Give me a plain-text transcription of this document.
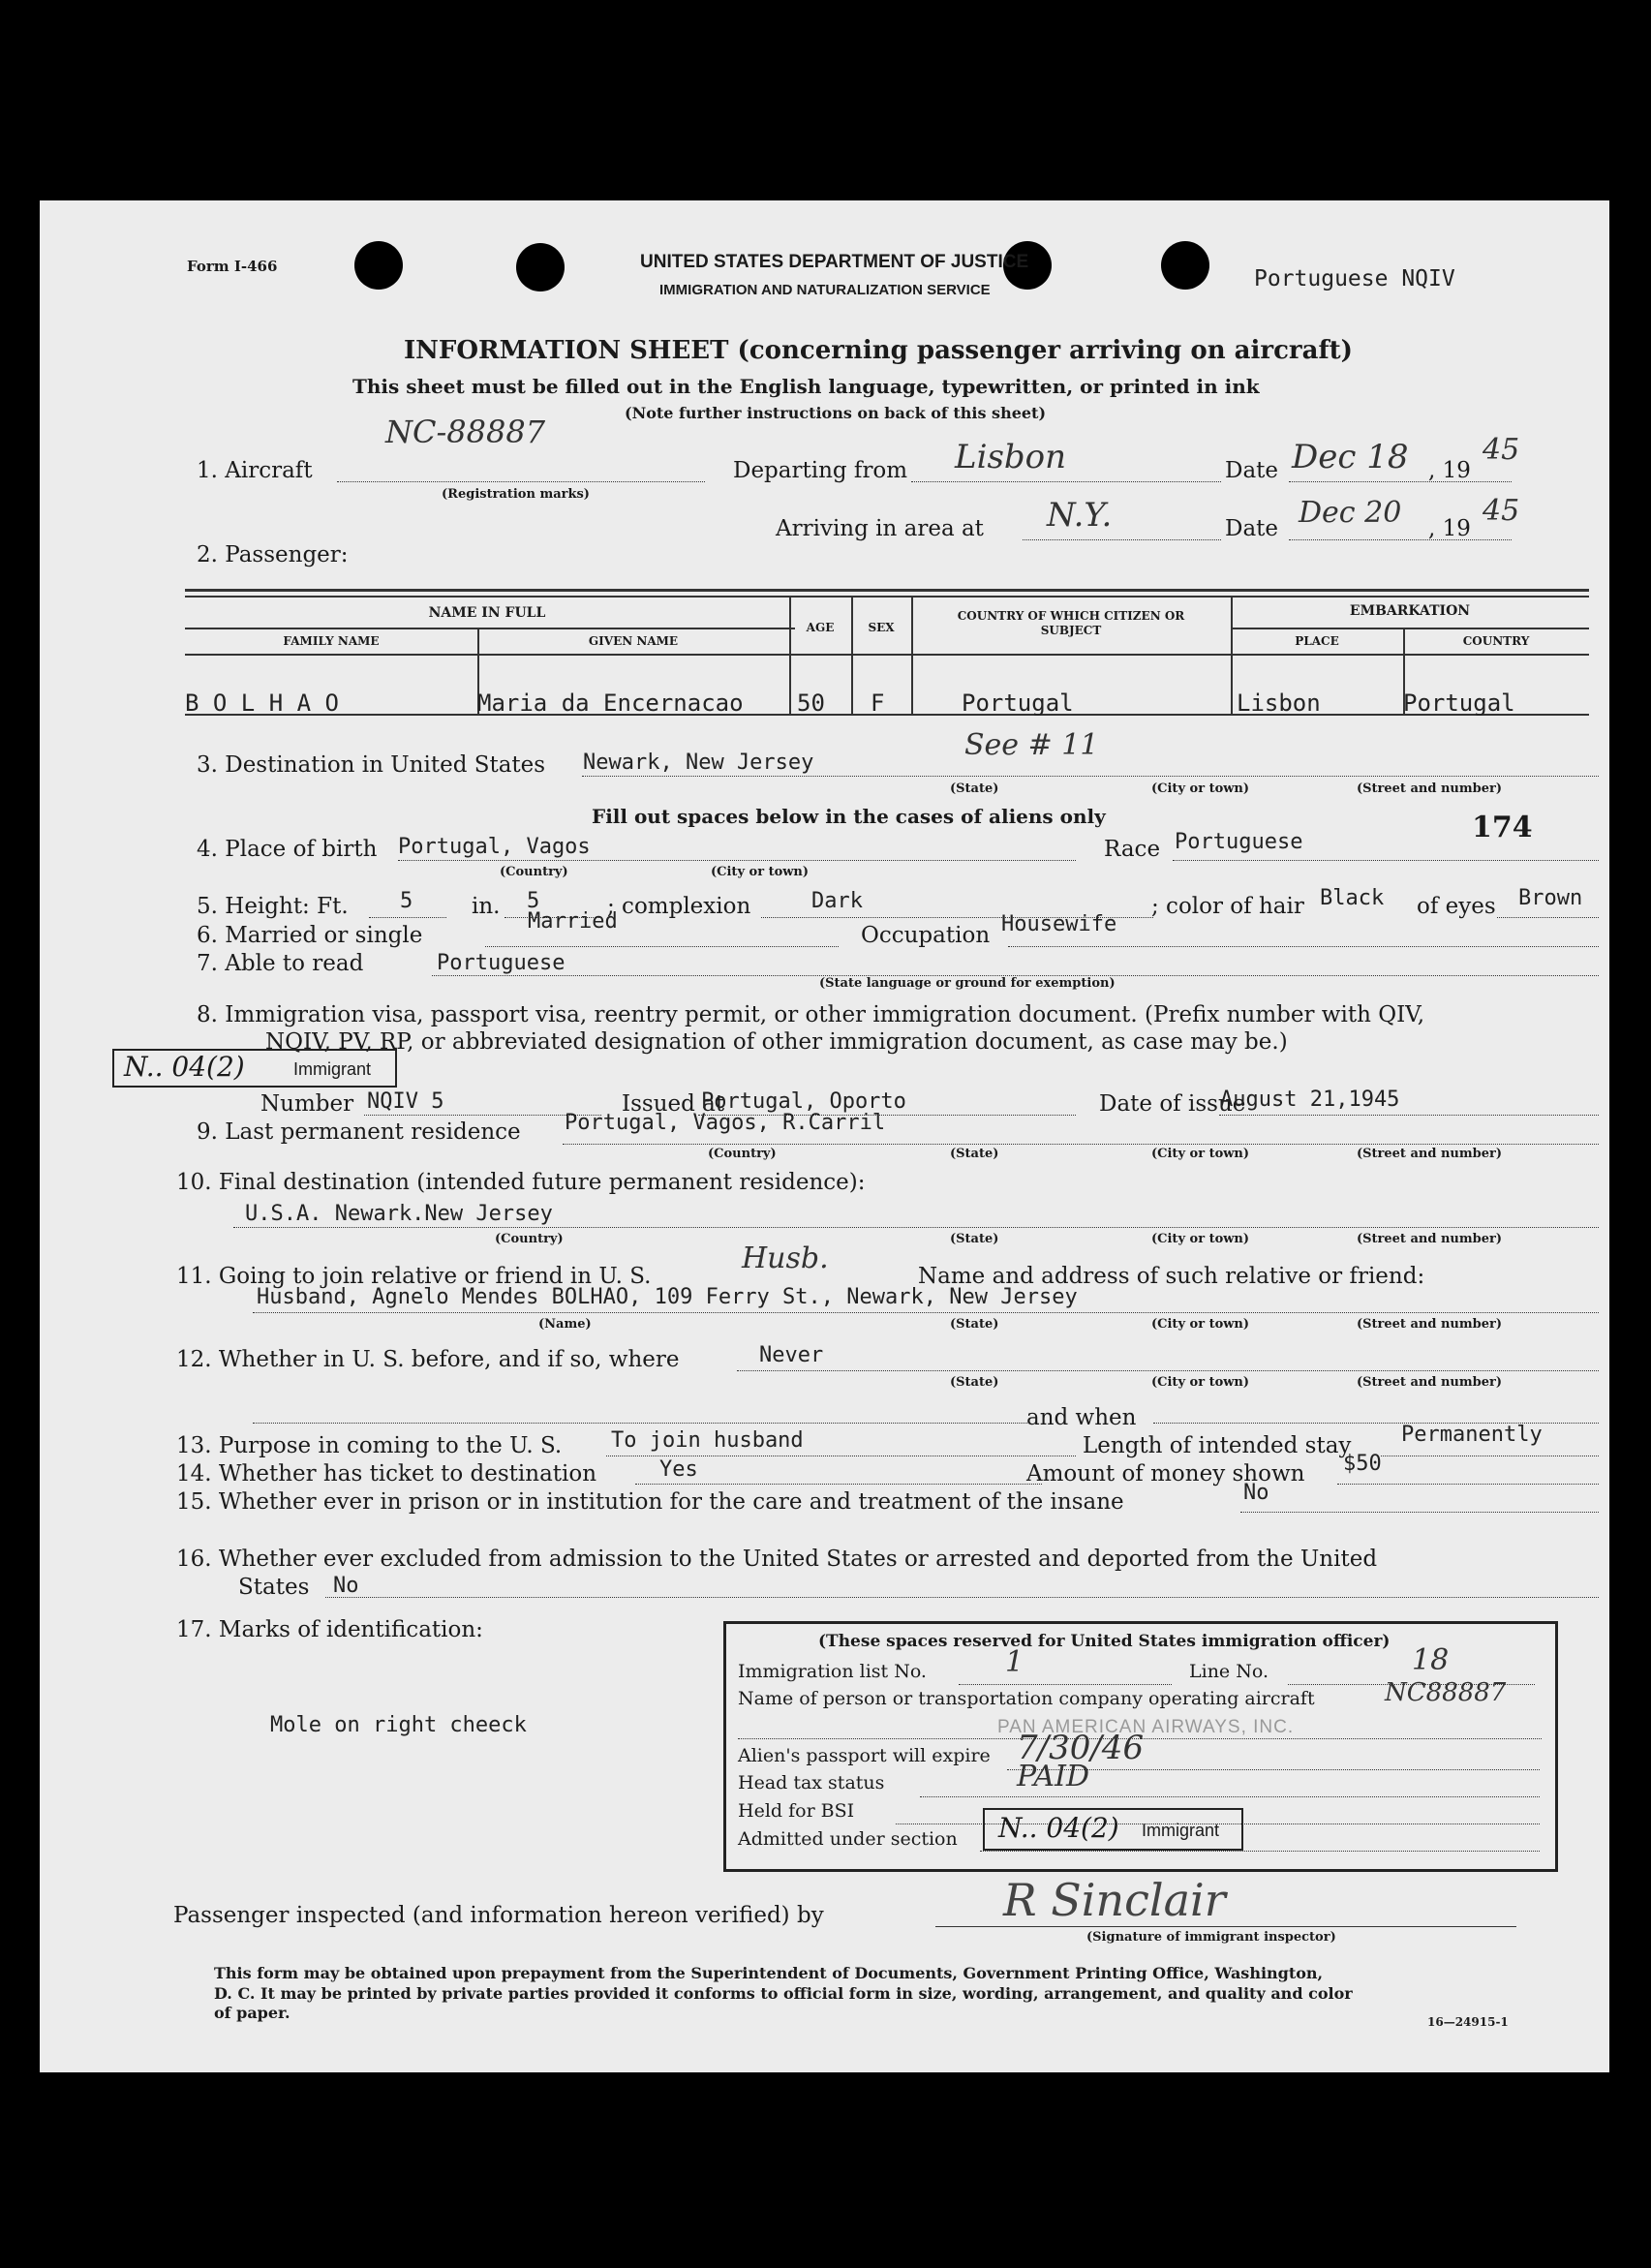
Form I-466	UNITED STATES DEPARTMENT OF JUSTICE
IMMIGRATION AND NATURALIZATION SERVICE	Portuguese NQIV
INFORMATION SHEET (concerning passenger arriving on aircraft)
This sheet must be filled out in the English language, typewritten, or printed in ink
(Note further instructions on back of this sheet)
1. Aircraft
NC-88887
(Registration marks)
Departing from Lisbon	Date Dec 18 , 19
45
Arriving in area at N.Y.	Date Dec 20 , 19
45
2. Passenger:
NAME IN FULL
FAMILY NAME	GIVEN NAME
AGE	SEX
COUNTRY OF WHICH CITIZEN OR SUBJECT
EMBARKATION
PLACE	COUNTRY
B O L H A O	Maria da Encernacao 50 F	Portugal	Lisbon	Portugal
3. Destination in United States Newark, New Jersey
See # 11
(State)	(City or town)	(Street and number)
Fill out spaces below in the cases of aliens only
4. Place of birth Portugal, Vagos
(Country)	(City or town)
Race Portuguese	174
5. Height: Ft. 5	in. 5	; complexion	Dark	; color of hair Black of eyes Brown
6. Married or single
Married
Occupation Housewife
7. Able to read	Portuguese
(State language or ground for exemption)
8. Immigration visa, passport visa, reentry permit, or other immigration document. (Prefix number with QIV,
NQIV, PV, RP, or abbreviated designation of other immigration document, as case may be.)
N.. 04(2)	Immigrant
Number NQIV 5	Issued at
Portugal, Oporto	Date of issue
August 21,1945
9. Last permanent residence Portugal, Vagos, R.Carril
(Country)	(State)	(City or town)	(Street and number)
10. Final destination (intended future permanent residence):
U.S.A. Newark.New Jersey
(Country)	(State)	(City or town)	(Street and number)
11. Going to join relative or friend in U. S.
Husb.
Name and address of such relative or friend:
Husband, Agnelo Mendes BOLHAO, 109 Ferry St., Newark, New Jersey
(Name)	(State)	(City or town)	(Street and number)
12. Whether in U. S. before, and if so, where	Never
(State)	(City or town)	(Street and number)
and when
13. Purpose in coming to the U. S. To join husband	Length of intended stay Permanently
14. Whether has ticket to destination	Yes	Amount of money shown $50
15. Whether ever in prison or in institution for the care and treatment of the insane	No
16. Whether ever excluded from admission to the United States or arrested and deported from the United
States No
17. Marks of identification:
Mole on right cheeck
(These spaces reserved for United States immigration officer)
Immigration list No.	1	Line No.	18
Name of person or transportation company operating aircraft	NC88887
PAN AMERICAN AIRWAYS, INC.
Alien's passport will expire 7/30/46
Head tax status	PAID
Held for BSI
Admitted under section N.. 04(2) Immigrant
Passenger inspected (and information hereon verified) by	R Sinclair
(Signature of immigrant inspector)
This form may be obtained upon prepayment from the Superintendent of Documents, Government Printing Office, Washington,
D. C. It may be printed by private parties provided it conforms to official form in size, wording, arrangement, and quality and color
of paper.	16—24915-1
